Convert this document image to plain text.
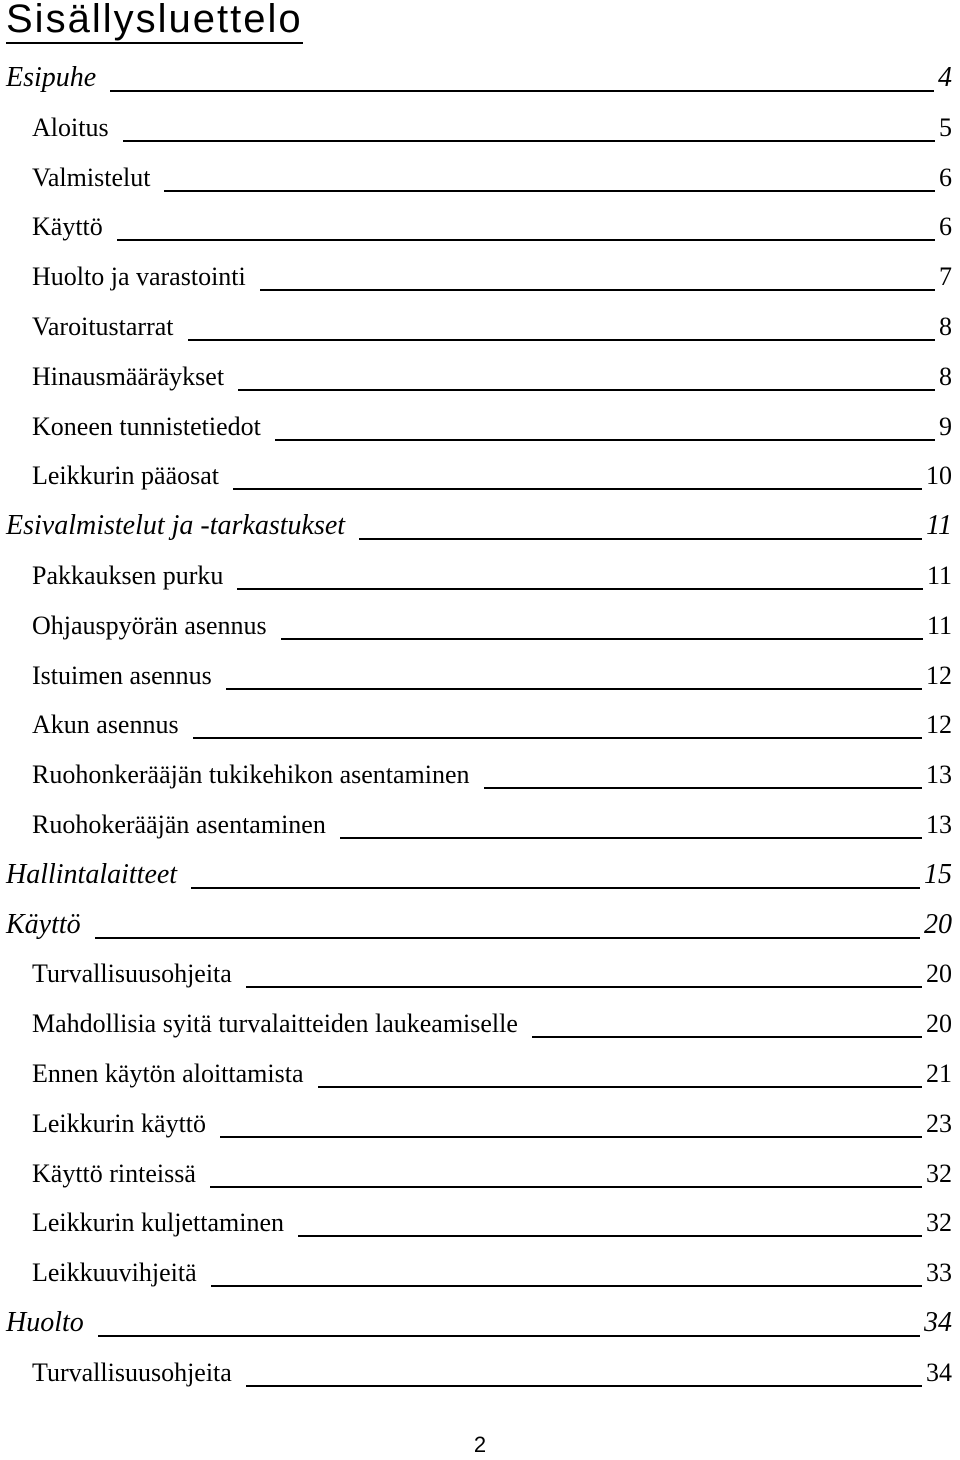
Sisällysluettelo
Esipuhe	4
Aloitus	5
Valmistelut	6
Käyttö	6
Huolto ja varastointi	7
Varoitustarrat	8
Hinausmääräykset	8
Koneen tunnistetiedot	9
Leikkurin pääosat	10
Esivalmistelut ja -tarkastukset	11
Pakkauksen purku	11
Ohjauspyörän asennus	11
Istuimen asennus	12
Akun asennus	12
Ruohonkerääjän tukikehikon asentaminen	13
Ruohokerääjän asentaminen	13
Hallintalaitteet	15
Käyttö	20
Turvallisuusohjeita	20
Mahdollisia syitä turvalaitteiden laukeamiselle	20
Ennen käytön aloittamista	21
Leikkurin käyttö	23
Käyttö rinteissä	32
Leikkurin kuljettaminen	32
Leikkuuvihjeitä	33
Huolto	34
Turvallisuusohjeita	34
2
